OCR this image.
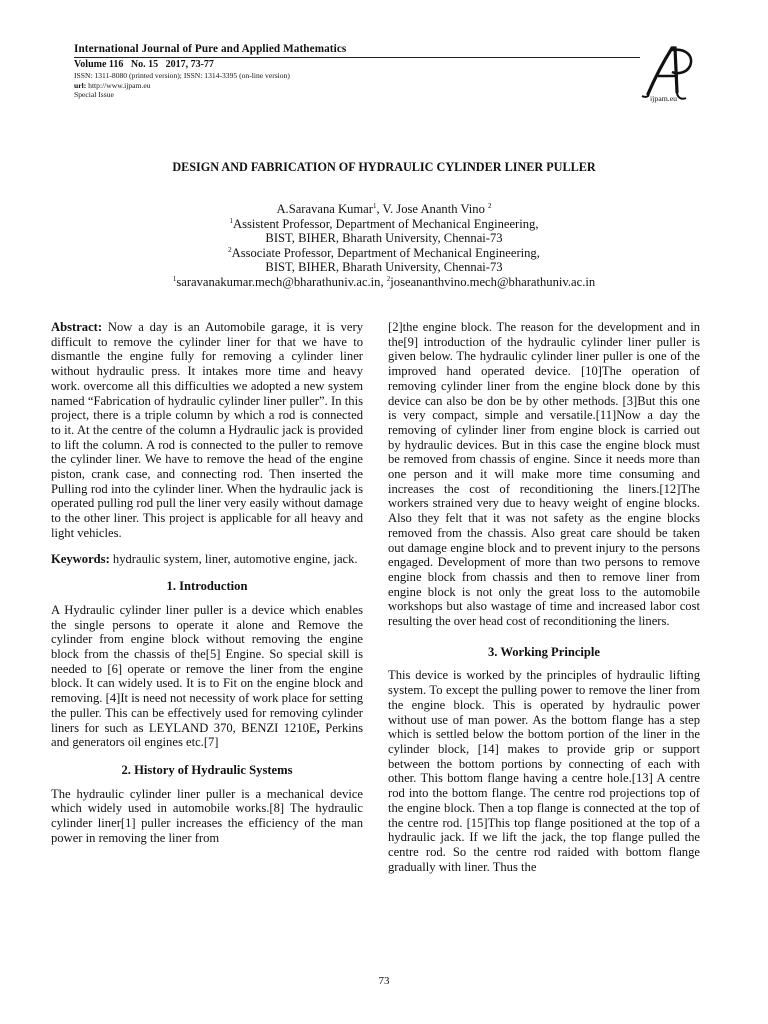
International Journal of Pure and Applied Mathematics
Volume 116   No. 15   2017, 73-77
ISSN: 1311-8080 (printed version); ISSN: 1314-3395 (on-line version)
url: http://www.ijpam.eu
Special Issue	ijpam.eu
DESIGN AND FABRICATION OF HYDRAULIC CYLINDER LINER PULLER
A.Saravana Kumar$^1$, V. Jose Ananth Vino $^2$
$^1$Assistent Professor, Department of Mechanical Engineering,
BIST, BIHER, Bharath University, Chennai-73
$^2$Associate Professor, Department of Mechanical Engineering,
BIST, BIHER, Bharath University, Chennai-73
$^1$saravanakumar.mech@bharathuniv.ac.in, $^2$joseananthvino.mech@bharathuniv.ac.in

Abstract: Now a day is an Automobile garage, it is very difficult to remove the cylinder liner for that we have to dismantle the engine fully for removing a cylinder liner without hydraulic press. It intakes more time and heavy work. overcome all this difficulties we adopted a new system named “Fabrication of hydraulic cylinder liner puller”. In this project, there is a triple column by which a rod is connected to it. At the centre of the column a Hydraulic jack is provided to lift the column. A rod is connected to the puller to remove the cylinder liner. We have to remove the head of the engine piston, crank case, and connecting rod. Then inserted the Pulling rod into the cylinder liner. When the hydraulic jack is operated pulling rod pull the liner very easily without damage to the other liner. This project is applicable for all heavy and light vehicles.

Keywords: hydraulic system, liner, automotive engine, jack.

1. Introduction

A Hydraulic cylinder liner puller is a device which enables the single persons to operate it alone and Remove the cylinder from engine block without removing the engine block from the chassis of the[5] Engine. So special skill is needed to [6] operate or remove the liner from the engine block. It can widely used. It is to Fit on the engine block and removing. [4]It is need not necessity of work place for setting the puller. This can be effectively used for removing cylinder liners for such as LEYLAND 370, BENZI 1210E, Perkins and generators oil engines etc.[7]

2. History of Hydraulic Systems

The hydraulic cylinder liner puller is a mechanical device which widely used in automobile works.[8] The hydraulic cylinder liner[1] puller increases the efficiency of the man power in removing the liner from

[2]the engine block. The reason for the development and in the[9] introduction of the hydraulic cylinder liner puller is given below. The hydraulic cylinder liner puller is one of the improved hand operated device. [10]The operation of removing cylinder liner from the engine block done by this device can also be don be by other methods. [3]But this one is very compact, simple and versatile.[11]Now a day the removing of cylinder liner from engine block is carried out by hydraulic devices. But in this case the engine block must be removed from chassis of engine. Since it needs more than one person and it will make more time consuming and increases the cost of reconditioning the liners.[12]The workers strained very due to heavy weight of engine blocks. Also they felt that it was not safety as the engine blocks removed from the chassis. Also great care should be taken out damage engine block and to prevent injury to the persons engaged. Development of more than two persons to remove engine block from chassis and then to remove liner from engine block is not only the great loss to the automobile workshops but also wastage of time and increased labor cost resulting the over head cost of reconditioning the liners.

3. Working Principle

This device is worked by the principles of hydraulic lifting system. To except the pulling power to remove the liner from the engine block. This is operated by hydraulic power without use of man power. As the bottom flange has a step which is settled below the bottom portion of the liner in the cylinder block, [14] makes to provide grip or support between the bottom portions by connecting of each with other. This bottom flange having a centre hole.[13] A centre rod into the bottom flange. The centre rod projections top of the engine block. Then a top flange is connected at the top of the centre rod. [15]This top flange positioned at the top of a hydraulic jack. If we lift the jack, the top flange pulled the centre rod. So the centre rod raided with bottom flange gradually with liner. Thus the

73
